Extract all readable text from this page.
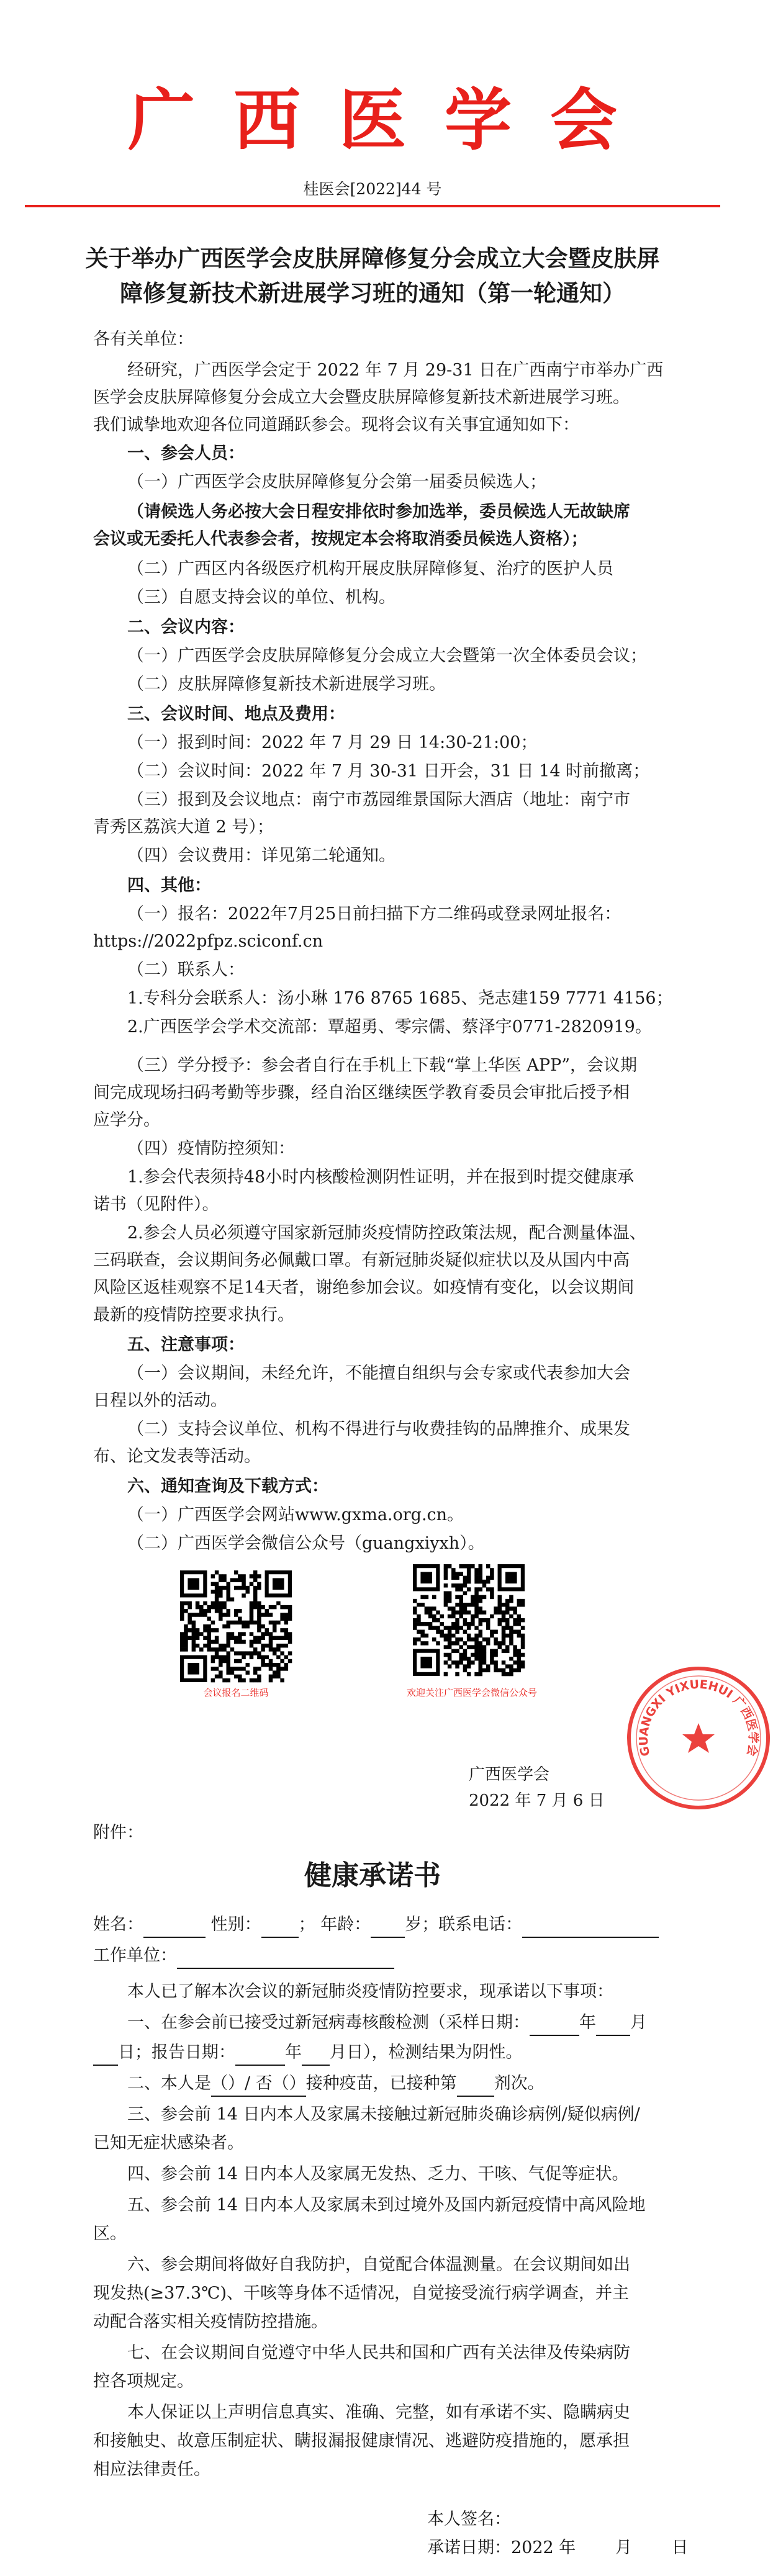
广西医学会
桂医会[2022]44 号
关于举办广西医学会皮肤屏障修复分会成立大会暨皮肤屏
障修复新技术新进展学习班的通知（第一轮通知）
各有关单位：
经研究，广西医学会定于 2022 年 7 月 29-31 日在广西南宁市举办广西
医学会皮肤屏障修复分会成立大会暨皮肤屏障修复新技术新进展学习班。
我们诚挚地欢迎各位同道踊跃参会。现将会议有关事宜通知如下：
一、参会人员：
（一）广西医学会皮肤屏障修复分会第一届委员候选人；
（请候选人务必按大会日程安排依时参加选举，委员候选人无故缺席
会议或无委托人代表参会者，按规定本会将取消委员候选人资格）；
（二）广西区内各级医疗机构开展皮肤屏障修复、治疗的医护人员
（三）自愿支持会议的单位、机构。
二、会议内容：
（一）广西医学会皮肤屏障修复分会成立大会暨第一次全体委员会议；
（二）皮肤屏障修复新技术新进展学习班。
三、会议时间、地点及费用：
（一）报到时间：2022 年 7 月 29 日 14:30-21:00；
（二）会议时间：2022 年 7 月 30-31 日开会，31 日 14 时前撤离；
（三）报到及会议地点：南宁市荔园维景国际大酒店（地址：南宁市
青秀区荔滨大道 2 号）；
（四）会议费用：详见第二轮通知。
四、其他：
（一）报名：2022年7月25日前扫描下方二维码或登录网址报名：
https://2022pfpz.sciconf.cn
（二）联系人：
1.专科分会联系人：汤小琳 176 8765 1685、尧志建159 7771 4156；
2.广西医学会学术交流部：覃超勇、零宗儒、蔡泽宇0771-2820919。
（三）学分授予：参会者自行在手机上下载“掌上华医 APP”，会议期
间完成现场扫码考勤等步骤，经自治区继续医学教育委员会审批后授予相
应学分。
（四）疫情防控须知：
1.参会代表须持48小时内核酸检测阴性证明，并在报到时提交健康承
诺书（见附件）。
2.参会人员必须遵守国家新冠肺炎疫情防控政策法规，配合测量体温、
三码联查，会议期间务必佩戴口罩。有新冠肺炎疑似症状以及从国内中高
风险区返桂观察不足14天者，谢绝参加会议。如疫情有变化，以会议期间
最新的疫情防控要求执行。
五、注意事项：
（一）会议期间，未经允许，不能擅自组织与会专家或代表参加大会
日程以外的活动。
（二）支持会议单位、机构不得进行与收费挂钩的品牌推介、成果发
布、论文发表等活动。
六、通知查询及下载方式：
（一）广西医学会网站www.gxma.org.cn。
（二）广西医学会微信公众号（guangxiyxh）。
会议报名二维码	欢迎关注广西医学会微信公众号
广西医学会
2022 年 7 月 6 日
GUANGXI YIXUEHUI 广西医学会
附件：
健康承诺书
姓名：	性别： ； 年龄： 岁；联系电话：
工作单位：
本人已了解本次会议的新冠肺炎疫情防控要求，现承诺以下事项：
一、在参会前已接受过新冠病毒核酸检测（采样日期：	年 月
日；报告日期：	年 月日），检测结果为阴性。
二、本人是（）/ 否（）接种疫苗，已接种第 剂次。
三、参会前 14 日内本人及家属未接触过新冠肺炎确诊病例/疑似病例/
已知无症状感染者。
四、参会前 14 日内本人及家属无发热、乏力、干咳、气促等症状。
五、参会前 14 日内本人及家属未到过境外及国内新冠疫情中高风险地
区。
六、参会期间将做好自我防护，自觉配合体温测量。在会议期间如出
现发热(≥37.3℃)、干咳等身体不适情况，自觉接受流行病学调查，并主
动配合落实相关疫情防控措施。
七、在会议期间自觉遵守中华人民共和国和广西有关法律及传染病防
控各项规定。
本人保证以上声明信息真实、准确、完整，如有承诺不实、隐瞒病史
和接触史、故意压制症状、瞒报漏报健康情况、逃避防疫措施的，愿承担
相应法律责任。
本人签名：
承诺日期：2022 年 月 日
